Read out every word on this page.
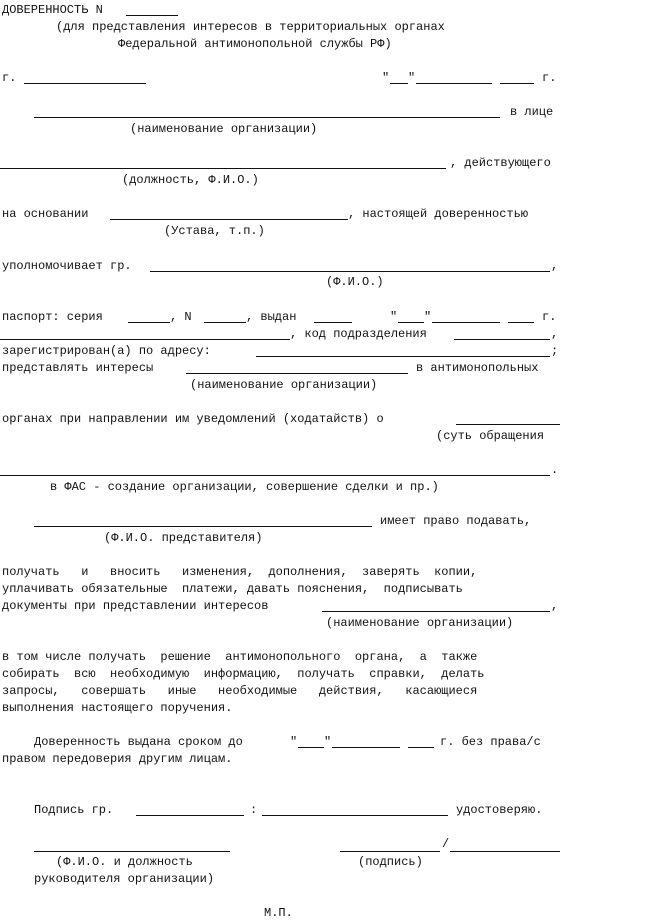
ДОВЕРЕННОСТЬ N
(для представления интересов в территориальных органах
Федеральной антимонопольной службы РФ)
г.	" "	г.
в лице
(наименование организации)
, действующего
(должность, Ф.И.О.)
на основании	, настоящей доверенностью
(Устава, т.п.)
уполномочивает гр.	,
(Ф.И.О.)
паспорт: серия	, N	, выдан	" "	г.
, код подразделения	,
зарегистрирован(а) по адресу:	;
представлять интересы	в антимонопольных
(наименование организации)
органах при направлении им уведомлений (ходатайств) о
(суть обращения
.
в ФАС - создание организации, совершение сделки и пр.)
имеет право подавать,
(Ф.И.О. представителя)
получать   и   вносить   изменения,  дополнения,  заверять  копии,
уплачивать обязательные  платежи, давать пояснения,  подписывать
документы при представлении интересов	,
(наименование организации)
в том числе получать  решение  антимонопольного  органа,  а  также
собирать  всю  необходимую  информацию,  получать  справки,  делать
запросы,   совершать   иные   необходимые   действия,   касающиеся
выполнения настоящего поручения.
Доверенность выдана сроком до	" "	г. без права/с
правом передоверия другим лицам.
Подпись гр.	:	удостоверяю.
/
(Ф.И.О. и должность
руководителя организации)
(подпись)
М.П.
